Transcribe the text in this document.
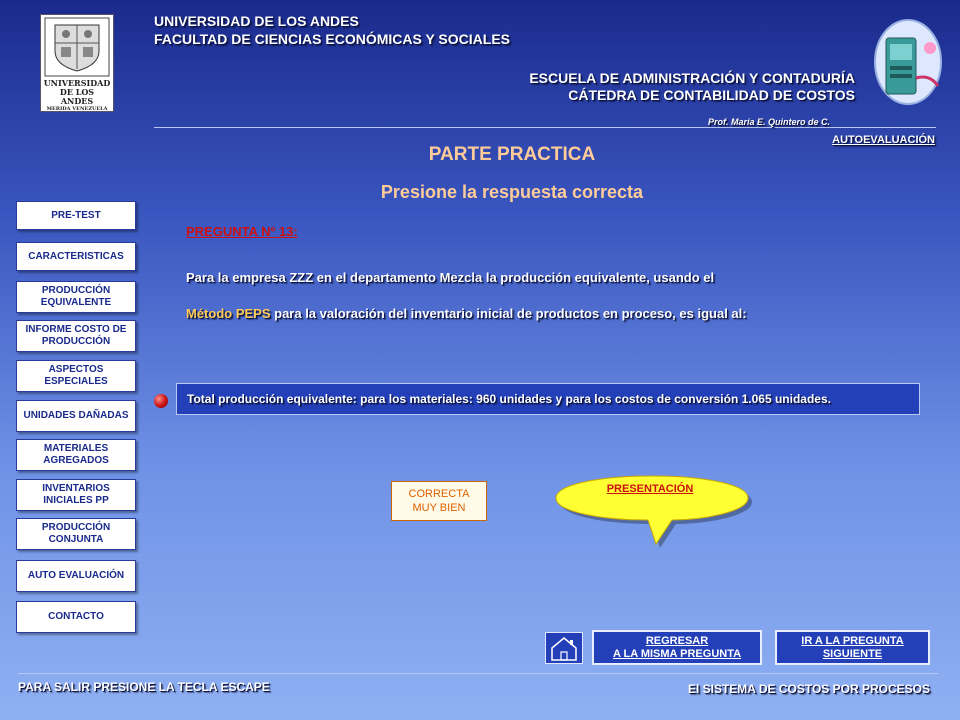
UNIVERSIDAD
DE LOS ANDES
MERIDA VENEZUELA
UNIVERSIDAD DE LOS ANDES
FACULTAD DE CIENCIAS ECONÓMICAS Y SOCIALES
ESCUELA DE ADMINISTRACIÓN Y CONTADURÍA
CÁTEDRA DE CONTABILIDAD DE COSTOS
Prof. María E. Quintero de C.
AUTOEVALUACIÓN
PARTE PRACTICA
Presione la respuesta correcta
PRE-TEST
CARACTERISTICAS
PRODUCCIÓN EQUIVALENTE
INFORME COSTO DE PRODUCCIÓN
ASPECTOS ESPECIALES
UNIDADES DAÑADAS
MATERIALES AGREGADOS
INVENTARIOS INICIALES PP
PRODUCCIÓN CONJUNTA
AUTO EVALUACIÓN
CONTACTO
PREGUNTA Nº 13:
Para la empresa ZZZ en el departamento Mezcla la producción equivalente, usando el
Método PEPS para la valoración del inventario inicial de productos en proceso, es igual al:
Total producción equivalente: para los materiales: 960 unidades y para los costos de conversión 1.065 unidades.
CORRECTA
MUY BIEN
PRESENTACIÓN
REGRESAR
A LA MISMA PREGUNTA
IR A LA PREGUNTA
SIGUIENTE
PARA SALIR PRESIONE LA TECLA ESCAPE	El SISTEMA DE COSTOS POR PROCESOS
